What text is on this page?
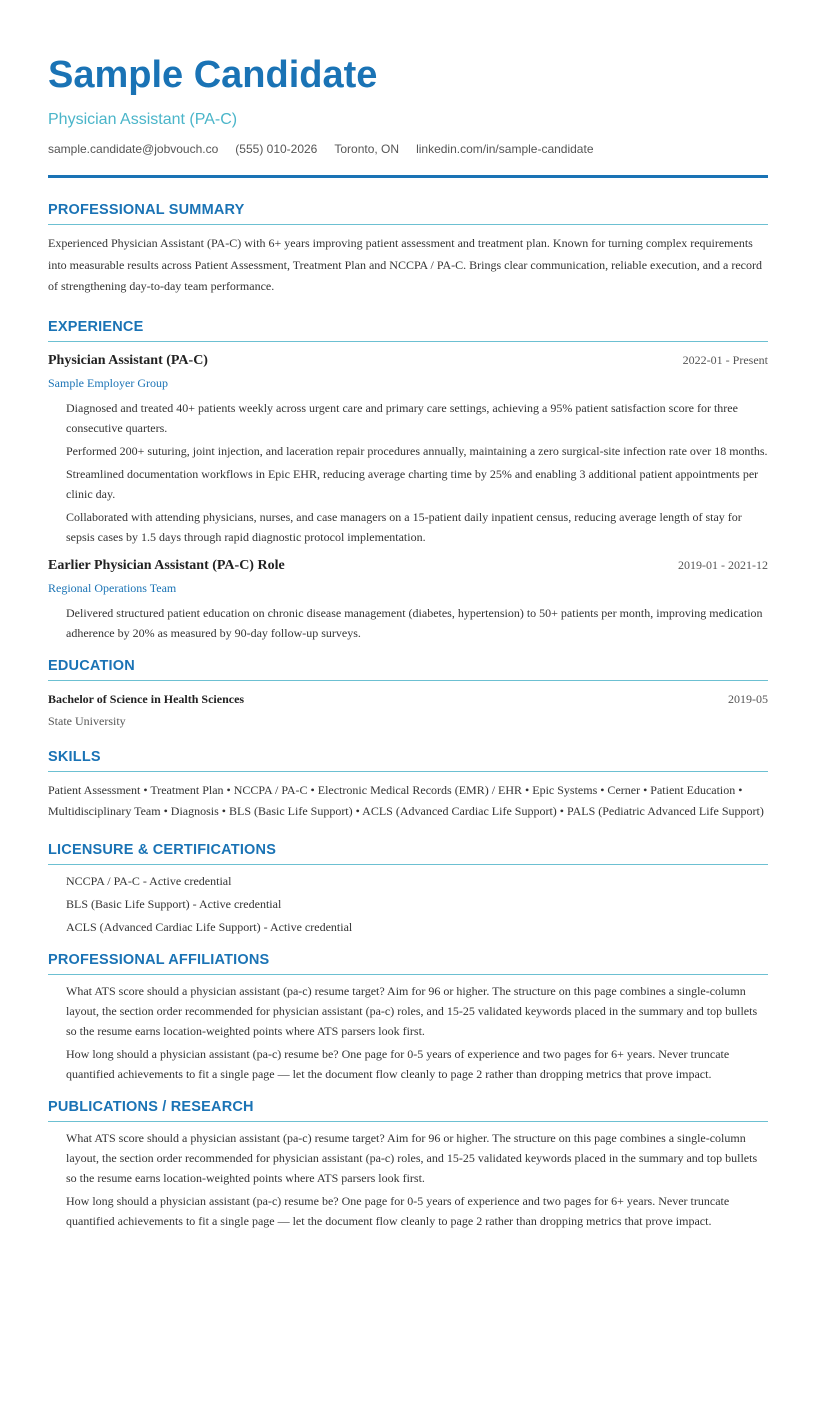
Sample Candidate
Physician Assistant (PA-C)
sample.candidate@jobvouch.co (555) 010-2026 Toronto, ON linkedin.com/in/sample-candidate
PROFESSIONAL SUMMARY

Experienced Physician Assistant (PA-C) with 6+ years improving patient assessment and treatment plan. Known for turning complex requirements into measurable results across Patient Assessment, Treatment Plan and NCCPA / PA-C. Brings clear communication, reliable execution, and a record of strengthening day-to-day team performance.

EXPERIENCE
Physician Assistant (PA-C)	2022-01 - Present
Sample Employer Group
Diagnosed and treated 40+ patients weekly across urgent care and primary care settings, achieving a 95% patient satisfaction score for three consecutive quarters.
Performed 200+ suturing, joint injection, and laceration repair procedures annually, maintaining a zero surgical-site infection rate over 18 months.
Streamlined documentation workflows in Epic EHR, reducing average charting time by 25% and enabling 3 additional patient appointments per clinic day.
Collaborated with attending physicians, nurses, and case managers on a 15-patient daily inpatient census, reducing average length of stay for sepsis cases by 1.5 days through rapid diagnostic protocol implementation.
Earlier Physician Assistant (PA-C) Role	2019-01 - 2021-12
Regional Operations Team
Delivered structured patient education on chronic disease management (diabetes, hypertension) to 50+ patients per month, improving medication adherence by 20% as measured by 90-day follow-up surveys.
EDUCATION
Bachelor of Science in Health Sciences	2019-05
State University
SKILLS

Patient Assessment • Treatment Plan • NCCPA / PA-C • Electronic Medical Records (EMR) / EHR • Epic Systems • Cerner • Patient Education • Multidisciplinary Team • Diagnosis • BLS (Basic Life Support) • ACLS (Advanced Cardiac Life Support) • PALS (Pediatric Advanced Life Support)

LICENSURE & CERTIFICATIONS
NCCPA / PA-C - Active credential
BLS (Basic Life Support) - Active credential
ACLS (Advanced Cardiac Life Support) - Active credential
PROFESSIONAL AFFILIATIONS
What ATS score should a physician assistant (pa-c) resume target? Aim for 96 or higher. The structure on this page combines a single-column layout, the section order recommended for physician assistant (pa-c) roles, and 15-25 validated keywords placed in the summary and top bullets so the resume earns location-weighted points where ATS parsers look first.
How long should a physician assistant (pa-c) resume be? One page for 0-5 years of experience and two pages for 6+ years. Never truncate quantified achievements to fit a single page — let the document flow cleanly to page 2 rather than dropping metrics that prove impact.
PUBLICATIONS / RESEARCH
What ATS score should a physician assistant (pa-c) resume target? Aim for 96 or higher. The structure on this page combines a single-column layout, the section order recommended for physician assistant (pa-c) roles, and 15-25 validated keywords placed in the summary and top bullets so the resume earns location-weighted points where ATS parsers look first.
How long should a physician assistant (pa-c) resume be? One page for 0-5 years of experience and two pages for 6+ years. Never truncate quantified achievements to fit a single page — let the document flow cleanly to page 2 rather than dropping metrics that prove impact.
